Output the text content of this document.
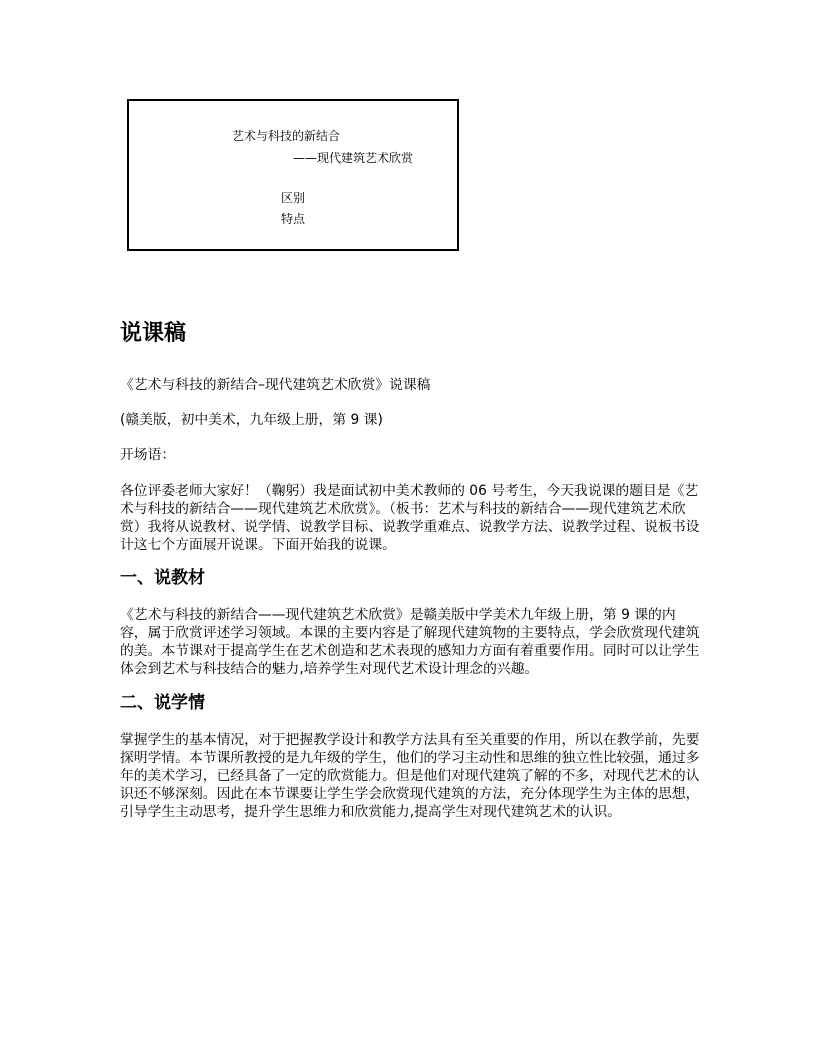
艺术与科技的新结合
——现代建筑艺术欣赏
区别
特点
说课稿

《艺术与科技的新结合–现代建筑艺术欣赏》说课稿

(赣美版，初中美术，九年级上册，第 9 课)

开场语：

各位评委老师大家好！（鞠躬）我是面试初中美术教师的 06 号考生，今天我说课的题目是《艺术与科技的新结合——现代建筑艺术欣赏》。（板书：艺术与科技的新结合——现代建筑艺术欣赏）我将从说教材、说学情、说教学目标、说教学重难点、说教学方法、说教学过程、说板书设计这七个方面展开说课。下面开始我的说课。

一、说教材

《艺术与科技的新结合——现代建筑艺术欣赏》是赣美版中学美术九年级上册，第 9 课的内容，属于欣赏评述学习领域。本课的主要内容是了解现代建筑物的主要特点，学会欣赏现代建筑的美。本节课对于提高学生在艺术创造和艺术表现的感知力方面有着重要作用。同时可以让学生体会到艺术与科技结合的魅力,培养学生对现代艺术设计理念的兴趣。

二、说学情

掌握学生的基本情况，对于把握教学设计和教学方法具有至关重要的作用，所以在教学前，先要探明学情。本节课所教授的是九年级的学生，他们的学习主动性和思维的独立性比较强，通过多年的美术学习，已经具备了一定的欣赏能力。但是他们对现代建筑了解的不多，对现代艺术的认识还不够深刻。因此在本节课要让学生学会欣赏现代建筑的方法，充分体现学生为主体的思想，引导学生主动思考，提升学生思维力和欣赏能力,提高学生对现代建筑艺术的认识。
